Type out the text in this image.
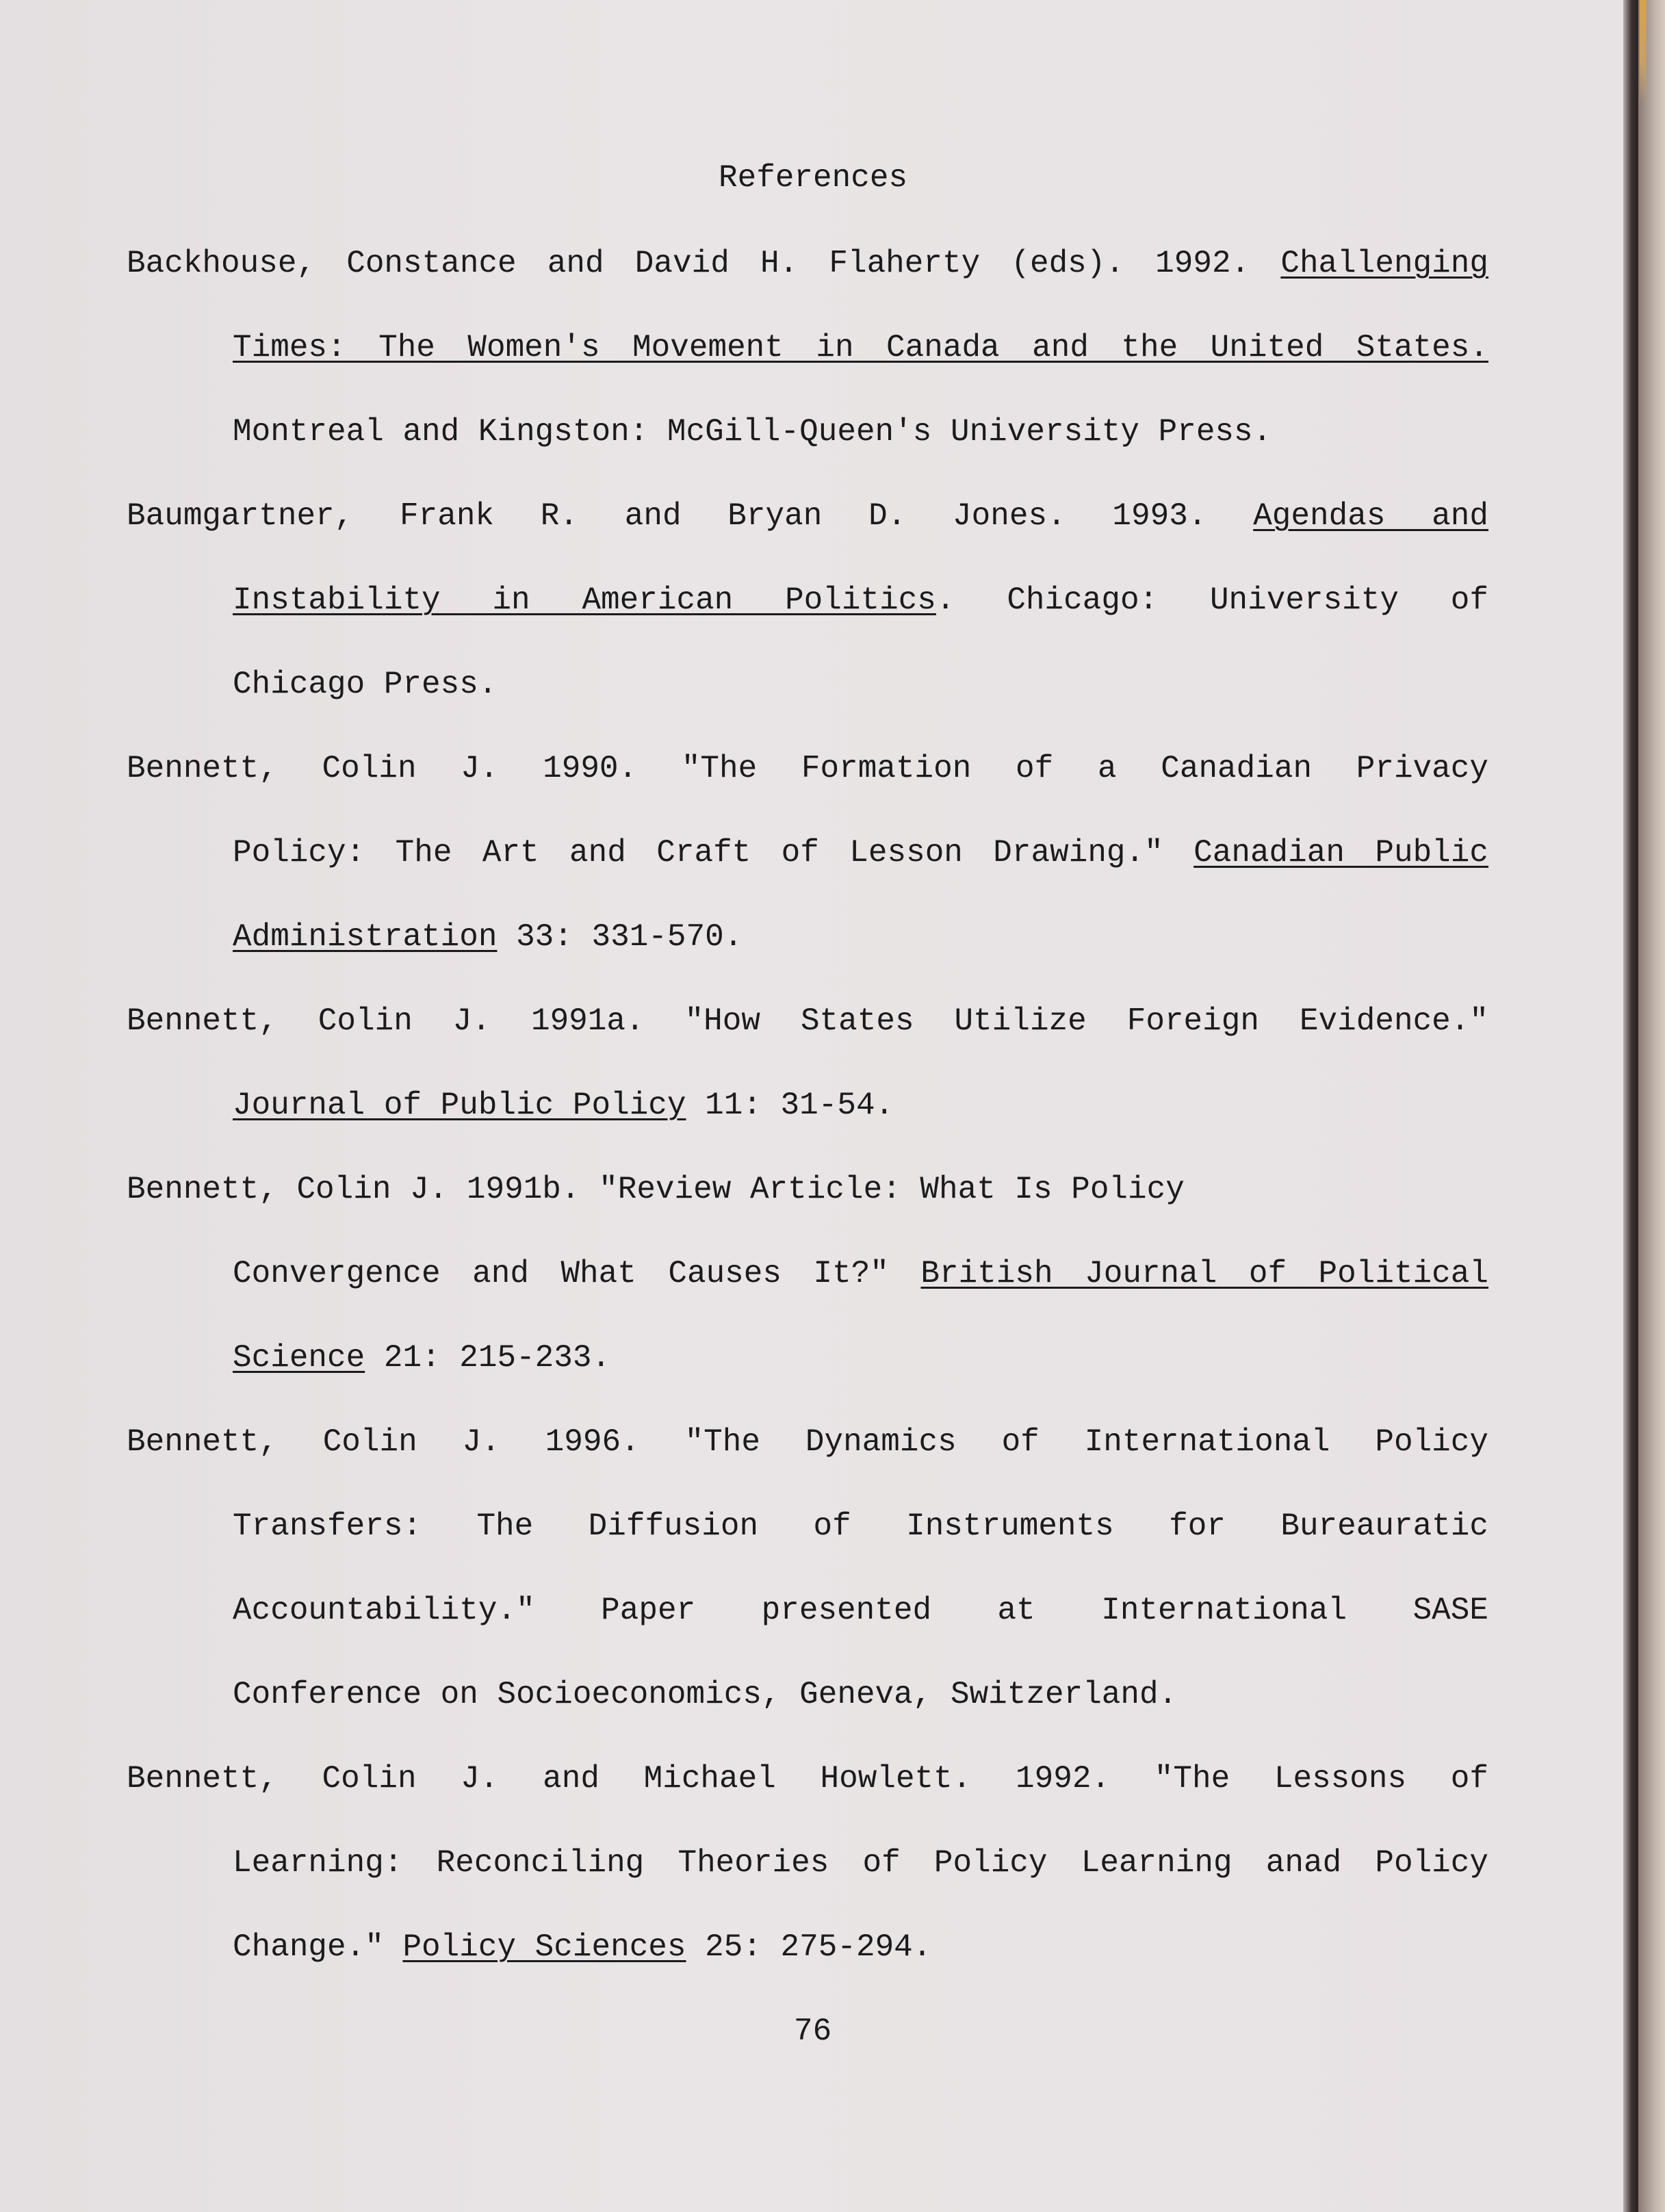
References
Backhouse, Constance and David H. Flaherty (eds). 1992. Challenging
Times: The Women's Movement in Canada and the United States.
Montreal and Kingston: McGill-Queen's University Press.
Baumgartner, Frank R. and Bryan D. Jones. 1993. Agendas and
Instability in American Politics. Chicago: University of
Chicago Press.
Bennett, Colin J. 1990. "The Formation of a Canadian Privacy
Policy: The Art and Craft of Lesson Drawing." Canadian Public
Administration 33: 331-570.
Bennett, Colin J. 1991a. "How States Utilize Foreign Evidence."
Journal of Public Policy 11: 31-54.
Bennett, Colin J. 1991b. "Review Article: What Is Policy
Convergence and What Causes It?" British Journal of Political
Science 21: 215-233.
Bennett, Colin J. 1996. "The Dynamics of International Policy
Transfers: The Diffusion of Instruments for Bureauratic
Accountability." Paper presented at International SASE
Conference on Socioeconomics, Geneva, Switzerland.
Bennett, Colin J. and Michael Howlett. 1992. "The Lessons of
Learning: Reconciling Theories of Policy Learning anad Policy
Change." Policy Sciences 25: 275-294.
76
